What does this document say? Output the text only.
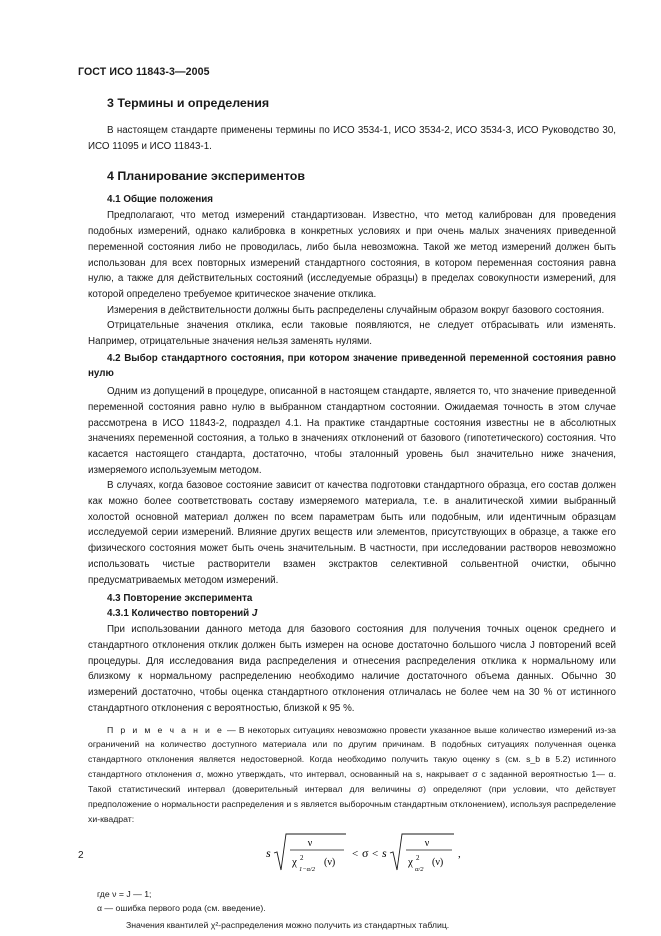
ГОСТ ИСО 11843-3—2005
3 Термины и определения

В настоящем стандарте применены термины по ИСО 3534-1, ИСО 3534-2, ИСО 3534-3, ИСО Руководство 30, ИСО 11095 и ИСО 11843-1.

4 Планирование экспериментов
4.1 Общие положения

Предполагают, что метод измерений стандартизован. Известно, что метод калиброван для проведения подобных измерений, однако калибровка в конкретных условиях и при очень малых значениях приведенной переменной состояния либо не проводилась, либо была невозможна. Такой же метод измерений должен быть использован для всех повторных измерений стандартного состояния, в котором переменная состояния равна нулю, а также для действительных состояний (исследуемые образцы) в пределах совокупности измерений, для которой определено требуемое критическое значение отклика.

Измерения в действительности должны быть распределены случайным образом вокруг базового состояния.

Отрицательные значения отклика, если таковые появляются, не следует отбрасывать или изменять. Например, отрицательные значения нельзя заменять нулями.

4.2 Выбор стандартного состояния, при котором значение приведенной переменной состояния равно нулю

Одним из допущений в процедуре, описанной в настоящем стандарте, является то, что значение приведенной переменной состояния равно нулю в выбранном стандартном состоянии. Ожидаемая точность в этом случае рассмотрена в ИСО 11843-2, подраздел 4.1. На практике стандартные состояния известны не в абсолютных значениях переменной состояния, а только в значениях отклонений от базового (гипотетического) состояния. Что касается настоящего стандарта, достаточно, чтобы эталонный уровень был значительно ниже значения, измеряемого используемым методом.

В случаях, когда базовое состояние зависит от качества подготовки стандартного образца, его состав должен как можно более соответствовать составу измеряемого материала, т.е. в аналитической химии выбранный холостой основной материал должен по всем параметрам быть или подобным, или идентичным образцам исследуемой серии измерений. Влияние других веществ или элементов, присутствующих в образце, а также его физического состояния может быть очень значительным. В частности, при исследовании растворов невозможно использовать чистые растворители взамен экстрактов селективной сольвентной очистки, обычно предусматриваемых методом измерений.

4.3 Повторение эксперимента
4.3.1 Количество повторений J

При использовании данного метода для базового состояния для получения точных оценок среднего и стандартного отклонения отклик должен быть измерен на основе достаточно большого числа J повторений всей процедуры. Для исследования вида распределения и отнесения распределения отклика к нормальному или близкому к нормальному распределению необходимо наличие достаточного объема данных. Обычно 30 измерений достаточно, чтобы оценка стандартного отклонения отличалась не более чем на 30 % от истинного стандартного отклонения с вероятностью, близкой к 95 %.

П р и м е ч а н и е — В некоторых ситуациях невозможно провести указанное выше количество измерений из-за ограничений на количество доступного материала или по другим причинам. В подобных ситуациях полученная оценка стандартного отклонения является недостоверной. Когда необходимо получить такую оценку s (см. s_b в 5.2) истинного стандартного отклонения σ, можно утверждать, что интервал, основанный на s, накрывает σ с заданной вероятностью 1— α. Такой статистический интервал (доверительный интервал для величины σ) определяют (при условии, что действует предположение о нормальности распределения и s является выборочным стандартным отклонением), используя распределение хи-квадрат:

s
ν
χ 2
1−α/2
(ν)
< σ < s
ν
χ 2
α/2
(ν)
,

где ν = J — 1;

α — ошибка первого рода (см. введение).

Значения квантилей χ²-распределения можно получить из стандартных таблиц.

2
